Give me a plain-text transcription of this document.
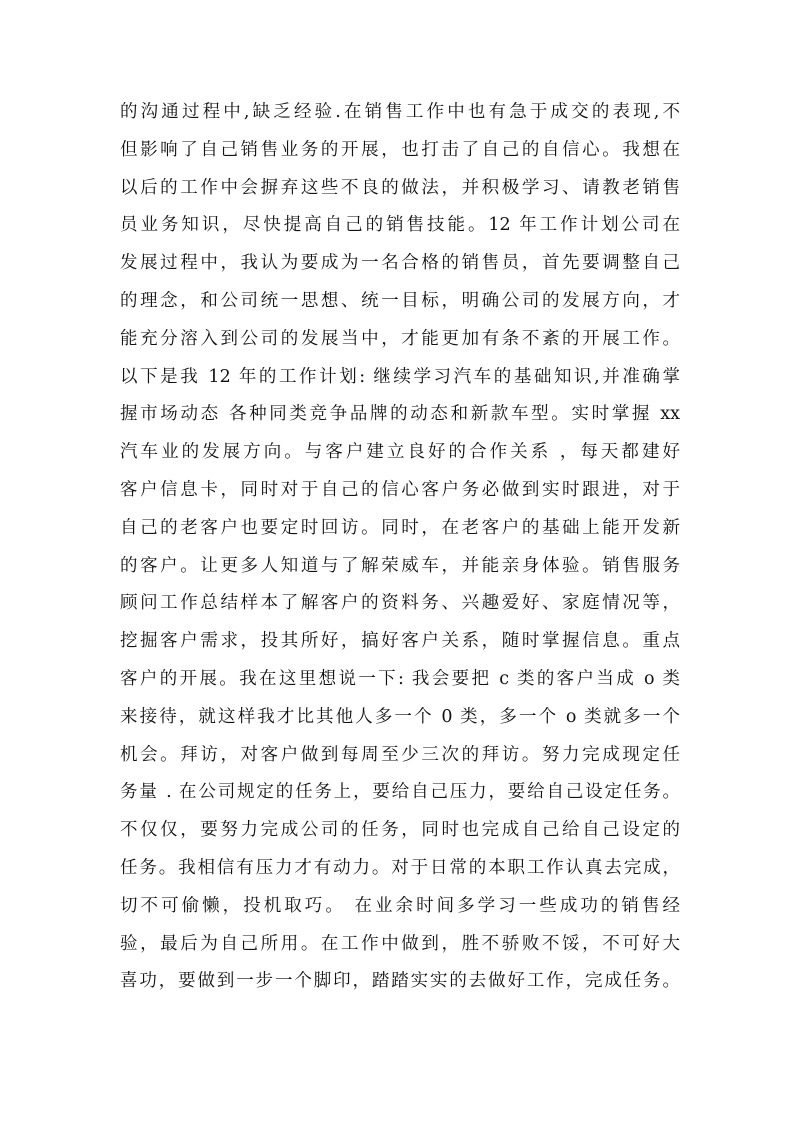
的沟通过程中,缺乏经验.在销售工作中也有急于成交的表现,不
但影响了自己销售业务的开展，也打击了自己的自信心。我想在
以后的工作中会摒弃这些不良的做法，并积极学习、请教老销售
员业务知识，尽快提高自己的销售技能。12 年工作计划公司在
发展过程中，我认为要成为一名合格的销售员，首先要调整自己
的理念，和公司统一思想、统一目标，明确公司的发展方向，才
能充分溶入到公司的发展当中，才能更加有条不紊的开展工作。
以下是我 12 年的工作计划: 继续学习汽车的基础知识,并准确掌
握市场动态 各种同类竞争品牌的动态和新款车型。实时掌握 xx
汽车业的发展方向。与客户建立良好的合作关系 ，每天都建好
客户信息卡，同时对于自己的信心客户务必做到实时跟进，对于
自己的老客户也要定时回访。同时，在老客户的基础上能开发新
的客户。让更多人知道与了解荣威车，并能亲身体验。销售服务
顾问工作总结样本了解客户的资料务、兴趣爱好、家庭情况等，
挖掘客户需求，投其所好，搞好客户关系，随时掌握信息。重点
客户的开展。我在这里想说一下: 我会要把 c 类的客户当成 o 类
来接待，就这样我才比其他人多一个 0 类，多一个 o 类就多一个
机会。拜访，对客户做到每周至少三次的拜访。努力完成现定任
务量 . 在公司规定的任务上，要给自己压力，要给自己设定任务。
不仅仅，要努力完成公司的任务，同时也完成自己给自己设定的
任务。我相信有压力才有动力。对于日常的本职工作认真去完成，
切不可偷懒，投机取巧。 在业余时间多学习一些成功的销售经
验，最后为自己所用。在工作中做到，胜不骄败不馁，不可好大
喜功，要做到一步一个脚印，踏踏实实的去做好工作，完成任务。
